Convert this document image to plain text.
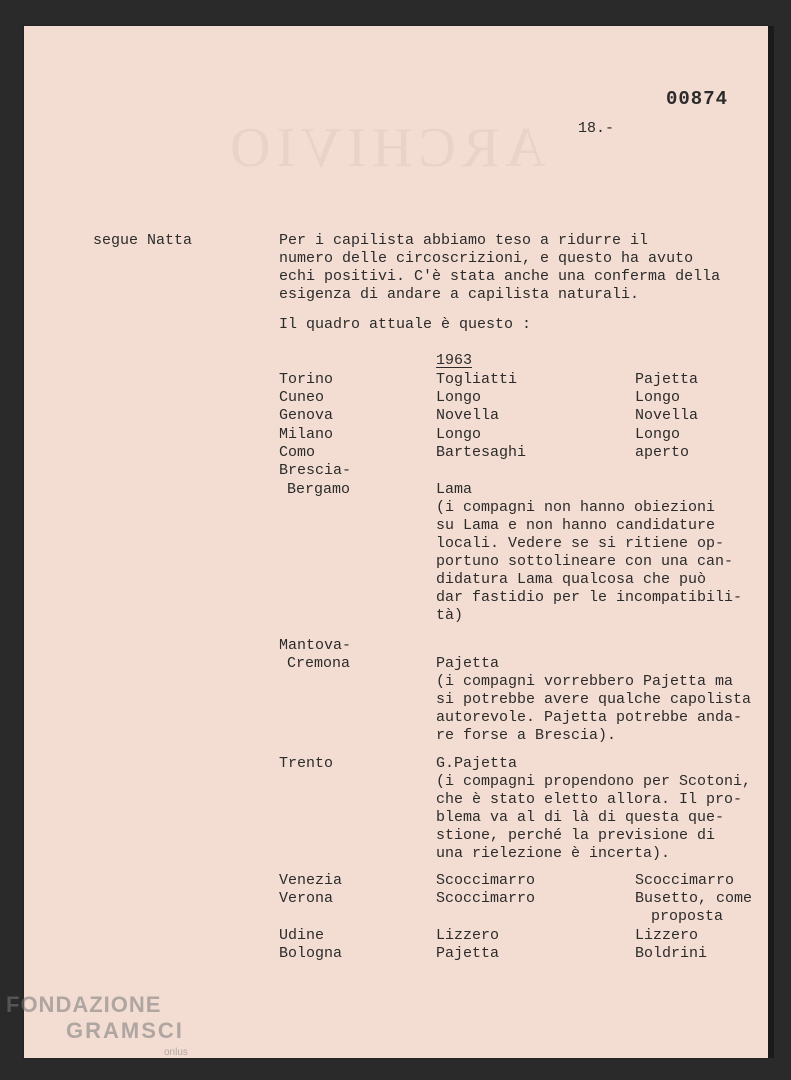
ARCHIVIO
00874
18.-
segue Natta	Per i capilista abbiamo teso a ridurre il
numero delle circoscrizioni, e questo ha avuto
echi positivi. C'è stata anche una conferma della
esigenza di andare a capilista naturali.
Il quadro attuale è questo :
1963
Torino	Togliatti	Pajetta
Cuneo	Longo	Longo
Genova	Novella	Novella
Milano	Longo	Longo
Como	Bartesaghi	aperto
Brescia-
Bergamo	Lama
(i compagni non hanno obiezioni
su Lama e non hanno candidature
locali. Vedere se si ritiene op-
portuno sottolineare con una can-
didatura Lama qualcosa che può
dar fastidio per le incompatibili-
tà)
Mantova-
Cremona	Pajetta
(i compagni vorrebbero Pajetta ma
si potrebbe avere qualche capolista
autorevole. Pajetta potrebbe anda-
re forse a Brescia).
Trento	G.Pajetta
(i compagni propendono per Scotoni,
che è stato eletto allora. Il pro-
blema va al di là di questa que-
stione, perché la previsione di
una rielezione è incerta).
Venezia	Scoccimarro	Scoccimarro
Verona	Scoccimarro	Busetto, come
proposta
Udine	Lizzero	Lizzero
Bologna	Pajetta	Boldrini
FONDAZIONE
GRAMSCI
onlus
